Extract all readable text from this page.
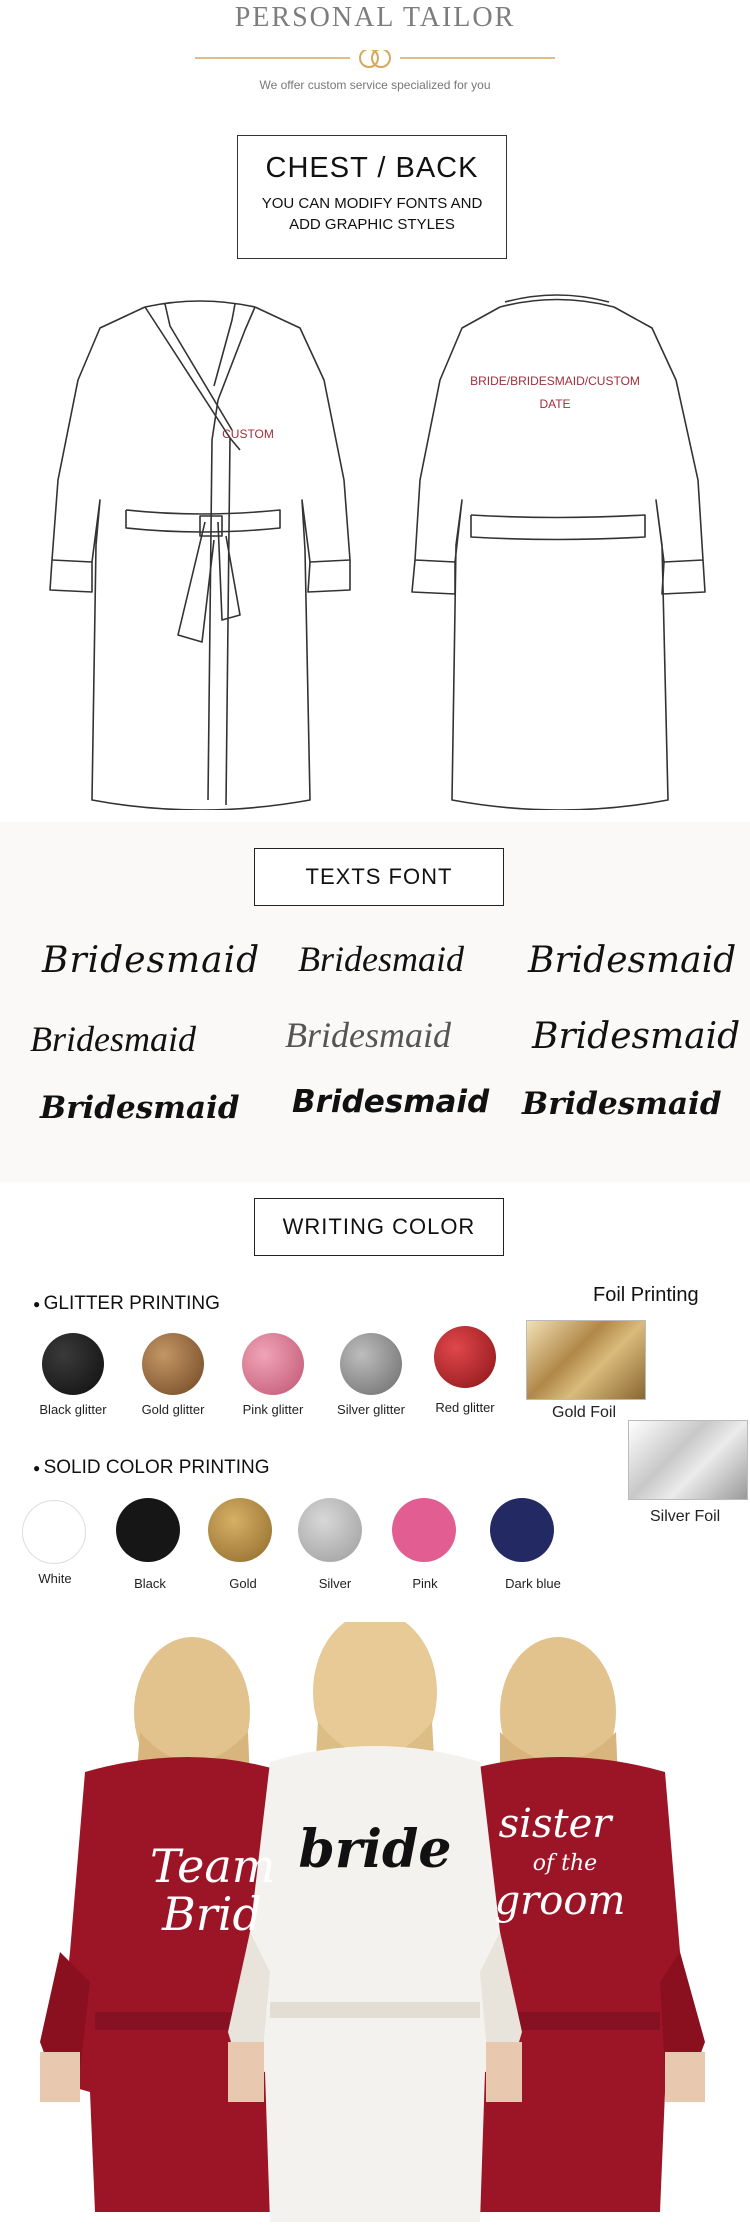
PERSONAL TAILOR
We offer custom service specialized for you
CHEST / BACK
YOU CAN MODIFY FONTS AND
ADD GRAPHIC STYLES
CUSTOM
BRIDE/BRIDESMAID/CUSTOM
DATE
TEXTS FONT
Bridesmaid Bridesmaid Bridesmaid
Bridesmaid Bridesmaid Bridesmaid
Bridesmaid Bridesmaid Bridesmaid
WRITING COLOR
● GLITTER PRINTING
Black glitter	Gold glitter	Pink glitter	Silver glitter	Red glitter
Foil Printing
Gold Foil
Silver Foil
● SOLID COLOR PRINTING
White	Black	Gold	Silver	Pink	Dark blue
Team
Brid
bride sister
of the
groom
